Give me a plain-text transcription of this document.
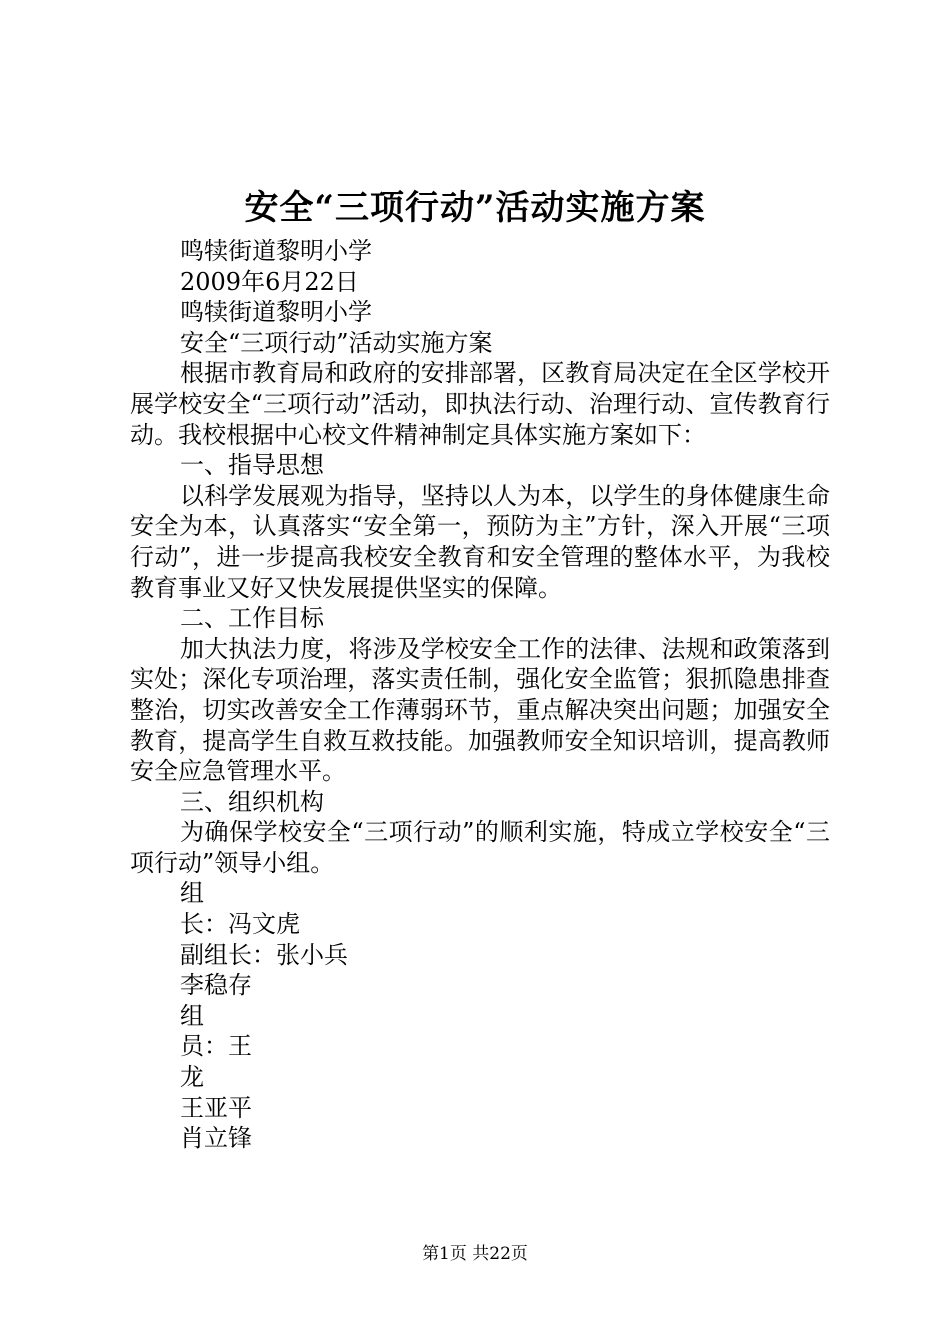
安全“三项行动”活动实施方案
鸣犊街道黎明小学
2009年6月22日
鸣犊街道黎明小学
安全“三项行动”活动实施方案
根据市教育局和政府的安排部署，区教育局决定在全区学校开展学校安全“三项行动”活动，即执法行动、治理行动、宣传教育行动。我校根据中心校文件精神制定具体实施方案如下：
一、指导思想
以科学发展观为指导，坚持以人为本，以学生的身体健康生命安全为本，认真落实“安全第一，预防为主”方针，深入开展“三项行动”，进一步提高我校安全教育和安全管理的整体水平，为我校教育事业又好又快发展提供坚实的保障。
二、工作目标
加大执法力度，将涉及学校安全工作的法律、法规和政策落到实处；深化专项治理，落实责任制，强化安全监管；狠抓隐患排查整治，切实改善安全工作薄弱环节，重点解决突出问题；加强安全教育，提高学生自救互救技能。加强教师安全知识培训，提高教师安全应急管理水平。
三、组织机构
为确保学校安全“三项行动”的顺利实施，特成立学校安全“三项行动”领导小组。
组
长：冯文虎
副组长：张小兵
李稳存
组
员：王
龙
王亚平
肖立锋
第1页 共22页
